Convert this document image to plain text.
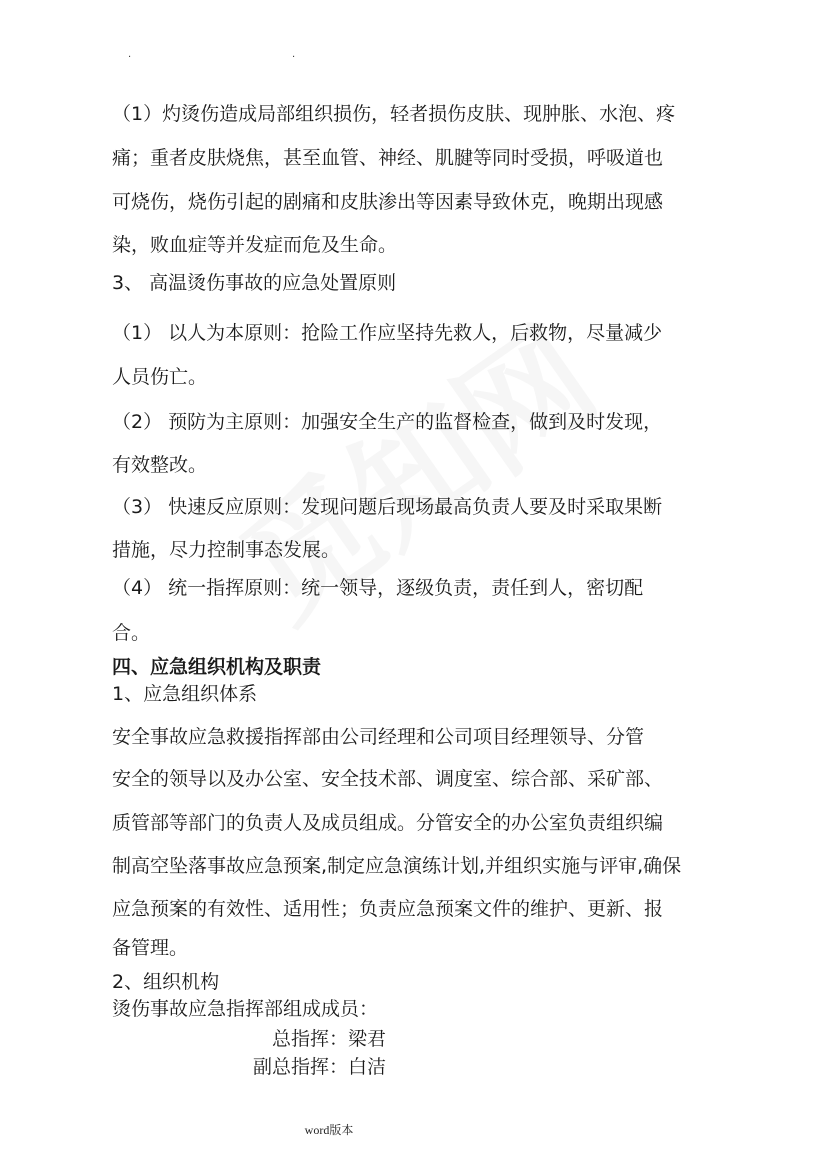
.	.
（1）灼烫伤造成局部组织损伤，轻者损伤皮肤、现肿胀、水泡、疼
痛；重者皮肤烧焦，甚至血管、神经、肌腱等同时受损，呼吸道也
可烧伤，烧伤引起的剧痛和皮肤渗出等因素导致休克，晚期出现感
染，败血症等并发症而危及生命。
3、 高温烫伤事故的应急处置原则
（1） 以人为本原则：抢险工作应坚持先救人，后救物，尽量减少
人员伤亡。
（2） 预防为主原则：加强安全生产的监督检查，做到及时发现，
有效整改。
（3） 快速反应原则：发现问题后现场最高负责人要及时采取果断
措施，尽力控制事态发展。
（4） 统一指挥原则：统一领导，逐级负责，责任到人，密切配
合。
四、应急组织机构及职责
1、应急组织体系
安全事故应急救援指挥部由公司经理和公司项目经理领导、分管
安全的领导以及办公室、安全技术部、调度室、综合部、采矿部、
质管部等部门的负责人及成员组成。分管安全的办公室负责组织编
制高空坠落事故应急预案,制定应急演练计划,并组织实施与评审,确保
应急预案的有效性、适用性；负责应急预案文件的维护、更新、报
备管理。
2、组织机构
烫伤事故应急指挥部组成成员：
总指挥：梁君
副总指挥：白洁
word版本
